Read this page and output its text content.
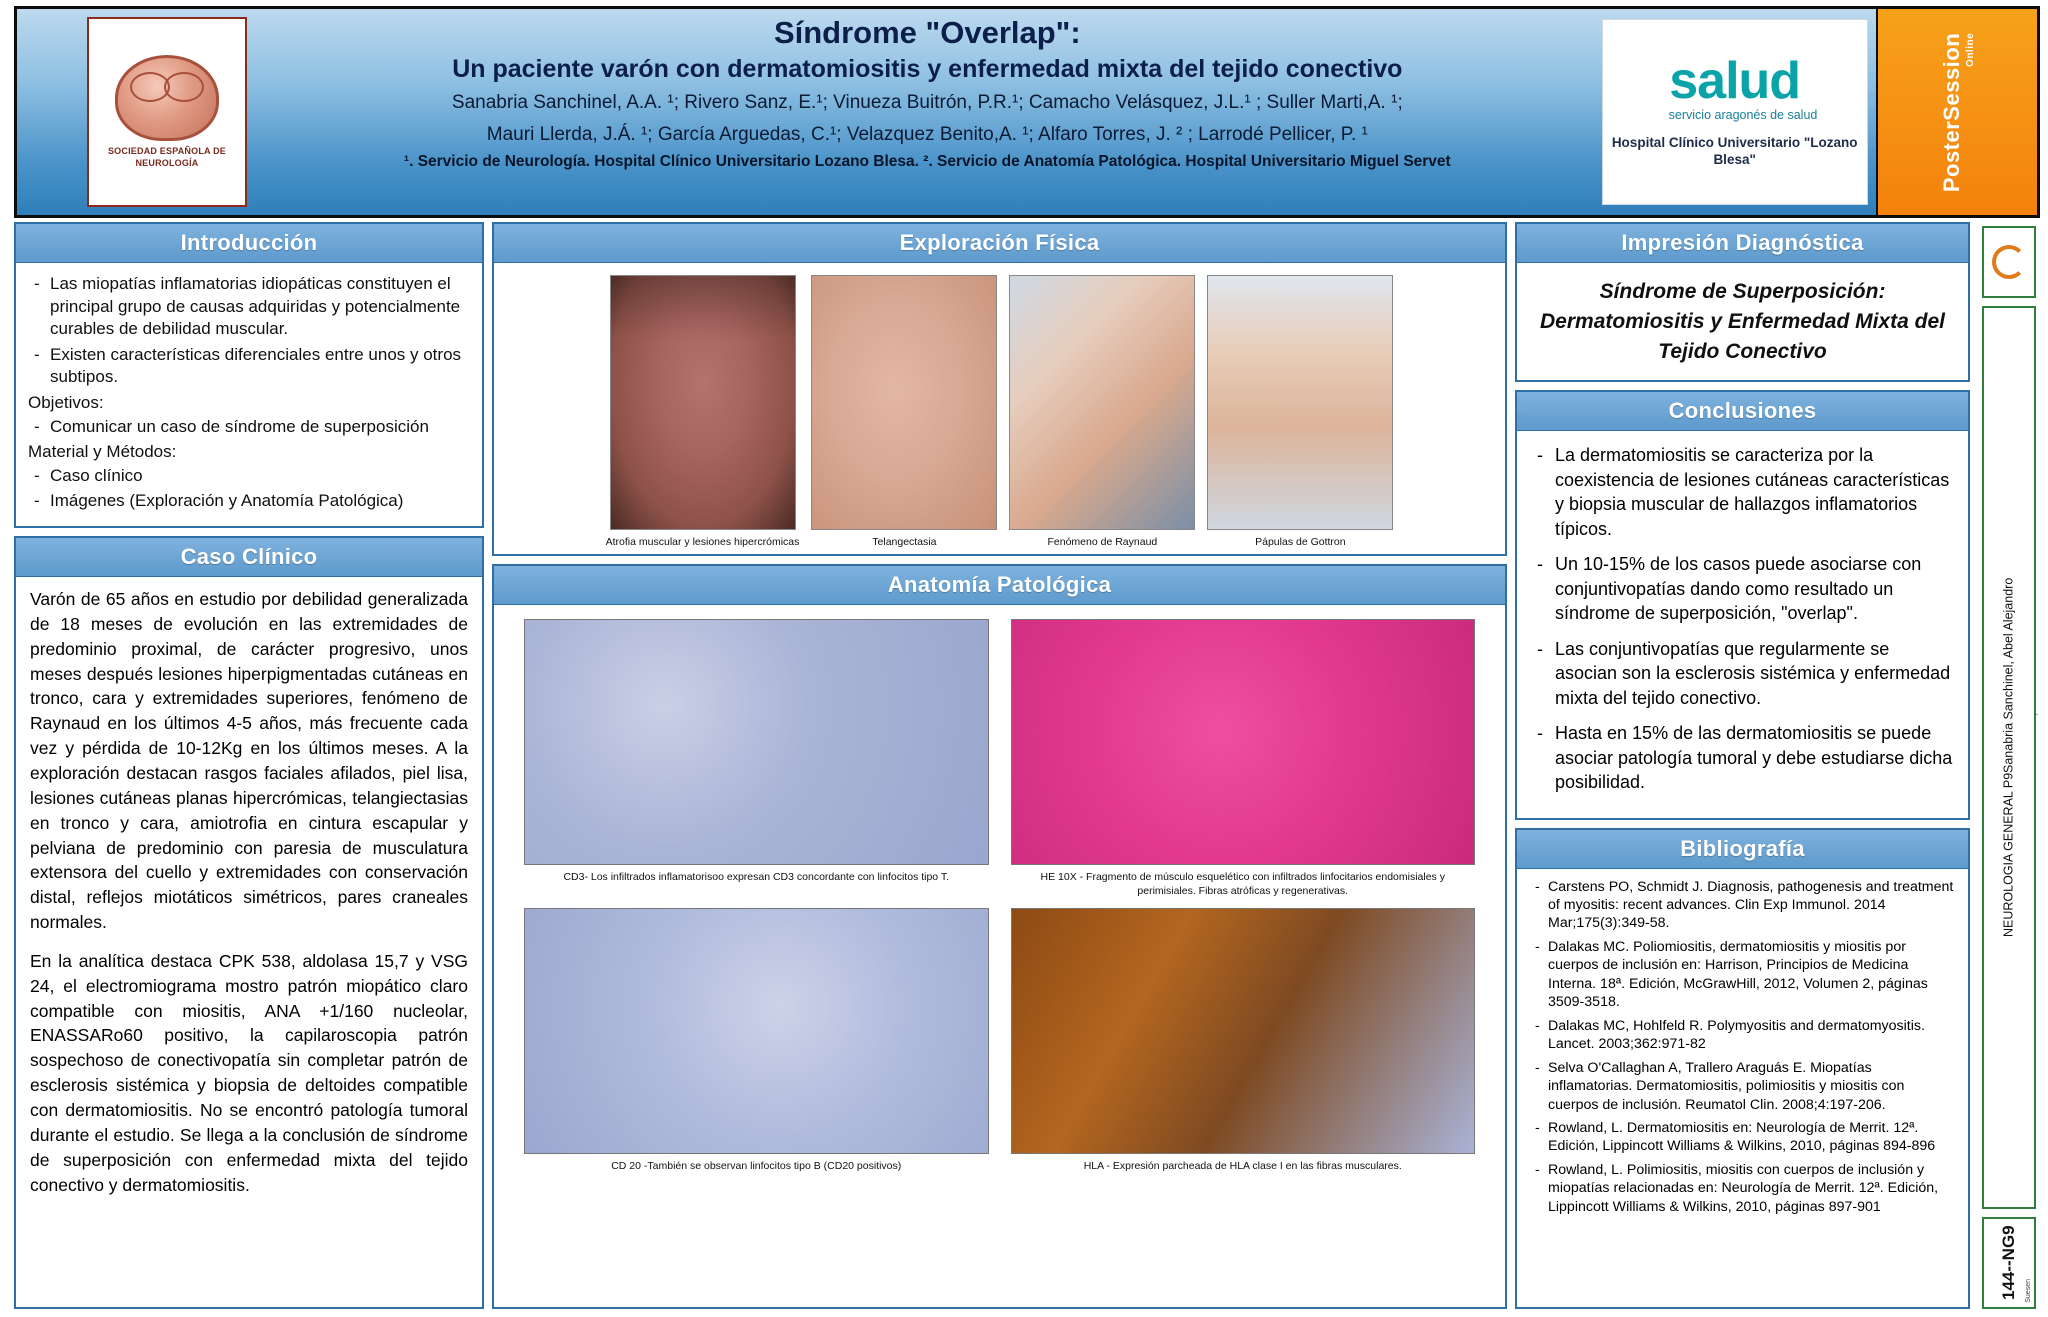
SOCIEDAD ESPAÑOLA DE NEUROLOGÍA
Síndrome "Overlap":
Un paciente varón con dermatomiositis y enfermedad mixta del tejido conectivo
Sanabria Sanchinel, A.A. ¹; Rivero Sanz, E.¹; Vinueza Buitrón, P.R.¹; Camacho Velásquez, J.L.¹ ; Suller Marti,A. ¹;
Mauri Llerda, J.Á. ¹; García Arguedas, C.¹; Velazquez Benito,A. ¹; Alfaro Torres, J. ² ; Larrodé Pellicer, P. ¹
¹. Servicio de Neurología. Hospital Clínico Universitario Lozano Blesa. ². Servicio de Anatomía Patológica. Hospital Universitario Miguel Servet
salud
servicio aragonés de salud
Hospital Clínico Universitario "Lozano Blesa"	PosterSession Online
Introducción
- Las miopatías inflamatorias idiopáticas constituyen el principal grupo de causas adquiridas y potencialmente curables de debilidad muscular.
- Existen características diferenciales entre unos y otros subtipos.
Objetivos:
- Comunicar un caso de síndrome de superposición
Material y Métodos:
- Caso clínico
- Imágenes (Exploración y Anatomía Patológica)
Caso Clínico

Varón de 65 años en estudio por debilidad generalizada de 18 meses de evolución en las extremidades de predominio proximal, de carácter progresivo, unos meses después lesiones hiperpigmentadas cutáneas en tronco, cara y extremidades superiores, fenómeno de Raynaud en los últimos 4-5 años, más frecuente cada vez y pérdida de 10-12Kg en los últimos meses. A la exploración destacan rasgos faciales afilados, piel lisa, lesiones cutáneas planas hipercrómicas, telangiectasias en tronco y cara, amiotrofia en cintura escapular y pelviana de predominio con paresia de musculatura extensora del cuello y extremidades con conservación distal, reflejos miotáticos simétricos, pares craneales normales.

En la analítica destaca CPK 538, aldolasa 15,7 y VSG 24, el electromiograma mostro patrón miopático claro compatible con miositis, ANA +1/160 nucleolar, ENASSARo60 positivo, la capilaroscopia patrón sospechoso de conectivopatía sin completar patrón de esclerosis sistémica y biopsia de deltoides compatible con dermatomiositis. No se encontró patología tumoral durante el estudio. Se llega a la conclusión de síndrome de superposición con enfermedad mixta del tejido conectivo y dermatomiositis.

Exploración Física
Atrofia muscular y lesiones hipercrómicas	Telangectasia	Fenómeno de Raynaud	Pápulas de Gottron
Anatomía Patológica
CD3- Los infiltrados inflamatorisoo expresan CD3 concordante con linfocitos tipo T.	HE 10X - Fragmento de músculo esquelético con infiltrados linfocitarios endomisiales y perimisiales. Fibras atróficas y regenerativas.
CD 20 -También se observan linfocitos tipo B (CD20 positivos)	HLA - Expresión parcheada de HLA clase I en las fibras musculares.
Impresión Diagnóstica
Síndrome de Superposición: Dermatomiositis y Enfermedad Mixta del Tejido Conectivo
Conclusiones
- La dermatomiositis se caracteriza por la coexistencia de lesiones cutáneas características y biopsia muscular de hallazgos inflamatorios típicos.
- Un 10-15% de los casos puede asociarse con conjuntivopatías dando como resultado un síndrome de superposición, "overlap".
- Las conjuntivopatías que regularmente se asocian son la esclerosis sistémica y enfermedad mixta del tejido conectivo.
- Hasta en 15% de las dermatomiositis se puede asociar patología tumoral y debe estudiarse dicha posibilidad.
Bibliografía
- Carstens PO, Schmidt J. Diagnosis, pathogenesis and treatment of myositis: recent advances. Clin Exp Immunol. 2014 Mar;175(3):349-58.
- Dalakas MC. Poliomiositis, dermatomiositis y miositis por cuerpos de inclusión en: Harrison, Principios de Medicina Interna. 18ª. Edición, McGrawHill, 2012, Volumen 2, páginas 3509-3518.
- Dalakas MC, Hohlfeld R. Polymyositis and dermatomyositis. Lancet. 2003;362:971-82
- Selva O'Callaghan A, Trallero Araguás E. Miopatías inflamatorias. Dermatomiositis, polimiositis y miositis con cuerpos de inclusión. Reumatol Clin. 2008;4:197-206.
- Rowland, L. Dermatomiositis en: Neurología de Merrit. 12ª. Edición, Lippincott Williams & Wilkins, 2010, páginas 894-896
- Rowland, L. Polimiositis, miositis con cuerpos de inclusión y miopatías relacionadas en: Neurología de Merrit. 12ª. Edición, Lippincott Williams & Wilkins, 2010, páginas 897-901
NEUROLOGIA GENERAL P9
Sanabria Sanchinel, Abel Alejandro
144--NG9	Suesen
